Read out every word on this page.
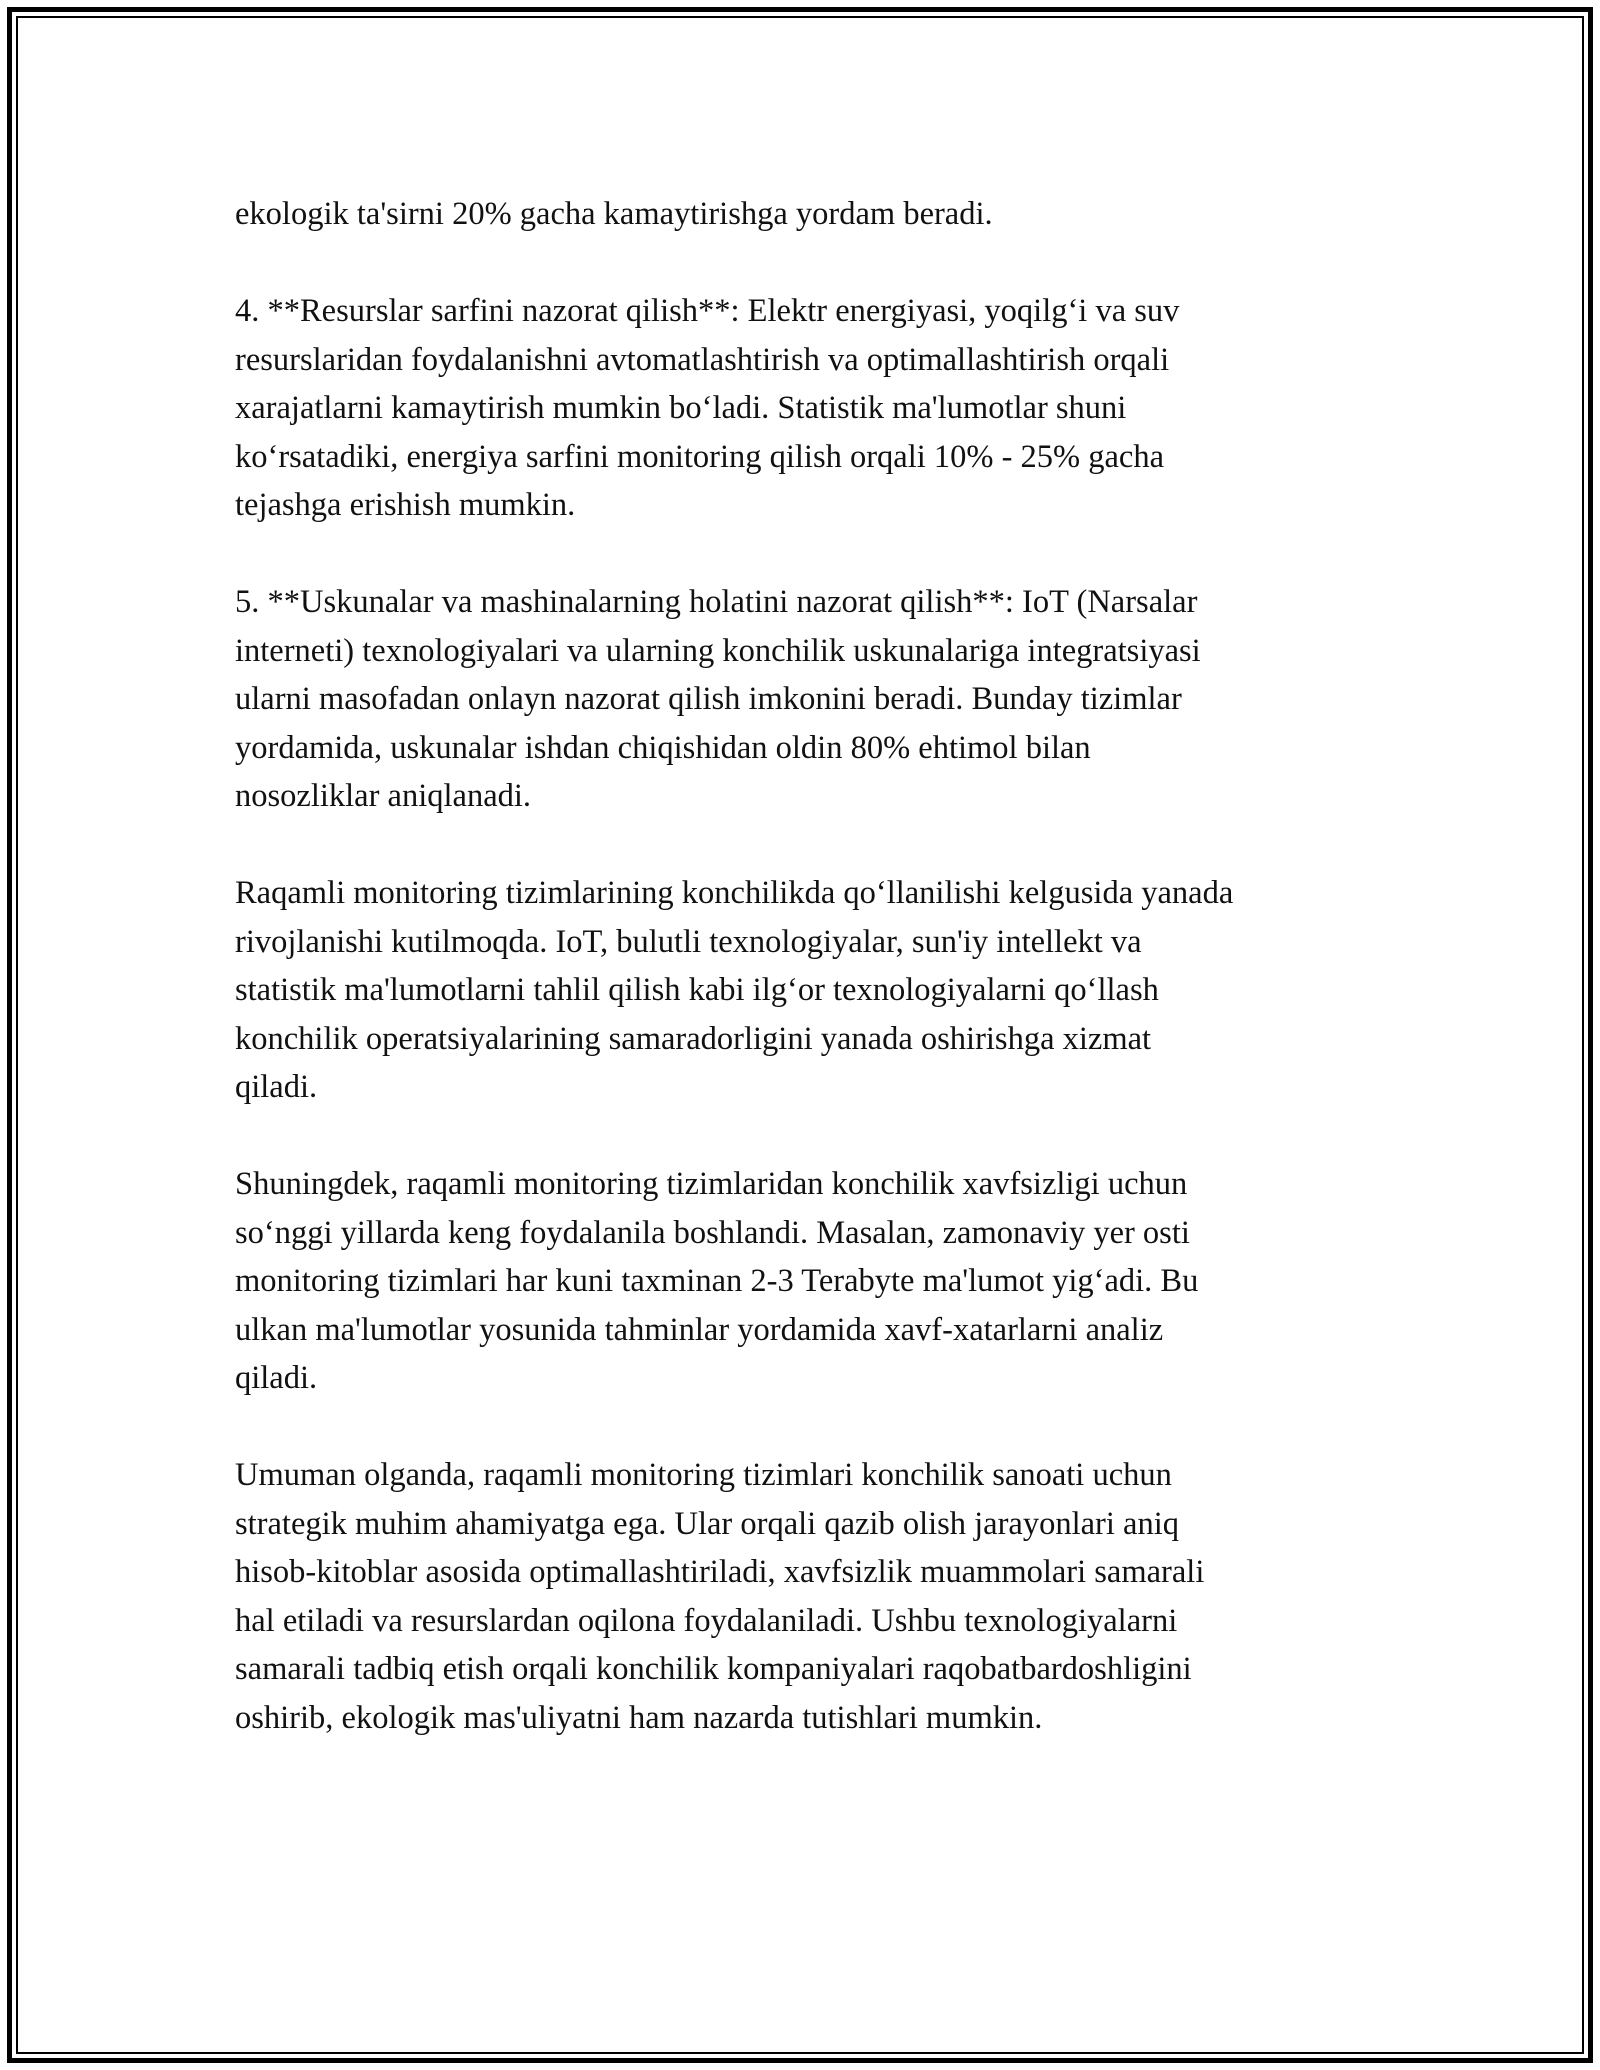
ekologik ta'sirni 20% gacha kamaytirishga yordam beradi.

4. **Resurslar sarfini nazorat qilish**: Elektr energiyasi, yoqilg‘i va suv
resurslaridan foydalanishni avtomatlashtirish va optimallashtirish orqali
xarajatlarni kamaytirish mumkin bo‘ladi. Statistik ma'lumotlar shuni
ko‘rsatadiki, energiya sarfini monitoring qilish orqali 10% - 25% gacha
tejashga erishish mumkin.

5. **Uskunalar va mashinalarning holatini nazorat qilish**: IoT (Narsalar
interneti) texnologiyalari va ularning konchilik uskunalariga integratsiyasi
ularni masofadan onlayn nazorat qilish imkonini beradi. Bunday tizimlar
yordamida, uskunalar ishdan chiqishidan oldin 80% ehtimol bilan
nosozliklar aniqlanadi.

Raqamli monitoring tizimlarining konchilikda qo‘llanilishi kelgusida yanada
rivojlanishi kutilmoqda. IoT, bulutli texnologiyalar, sun'iy intellekt va
statistik ma'lumotlarni tahlil qilish kabi ilg‘or texnologiyalarni qo‘llash
konchilik operatsiyalarining samaradorligini yanada oshirishga xizmat
qiladi.

Shuningdek, raqamli monitoring tizimlaridan konchilik xavfsizligi uchun
so‘nggi yillarda keng foydalanila boshlandi. Masalan, zamonaviy yer osti
monitoring tizimlari har kuni taxminan 2-3 Terabyte ma'lumot yig‘adi. Bu
ulkan ma'lumotlar yosunida tahminlar yordamida xavf-xatarlarni analiz
qiladi.

Umuman olganda, raqamli monitoring tizimlari konchilik sanoati uchun
strategik muhim ahamiyatga ega. Ular orqali qazib olish jarayonlari aniq
hisob-kitoblar asosida optimallashtiriladi, xavfsizlik muammolari samarali
hal etiladi va resurslardan oqilona foydalaniladi. Ushbu texnologiyalarni
samarali tadbiq etish orqali konchilik kompaniyalari raqobatbardoshligini
oshirib, ekologik mas'uliyatni ham nazarda tutishlari mumkin.
